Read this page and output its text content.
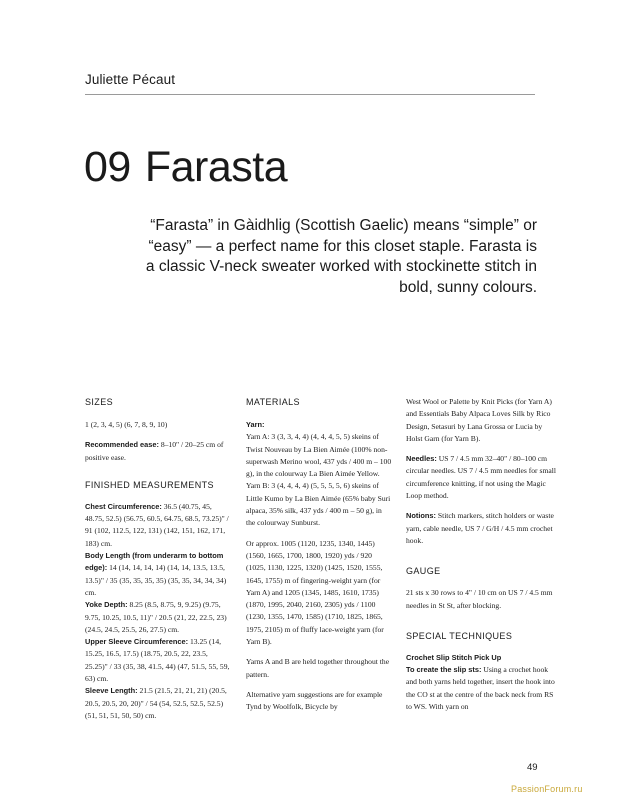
Juliette Pécaut
09 Farasta

“Farasta” in Gàidhlig (Scottish Gaelic) means “simple” or “easy” — a perfect name for this closet staple. Farasta is a classic V-neck sweater worked with stockinette stitch in bold, sunny colours.

SIZES

1 (2, 3, 4, 5) (6, 7, 8, 9, 10)

Recommended ease: 8–10" / 20–25 cm of positive ease.

FINISHED MEASUREMENTS

Chest Circumference: 36.5 (40.75, 45, 48.75, 52.5) (56.75, 60.5, 64.75, 68.5, 73.25)" / 91 (102, 112.5, 122, 131) (142, 151, 162, 171, 183) cm.

Body Length (from underarm to bottom edge): 14 (14, 14, 14, 14) (14, 14, 13.5, 13.5, 13.5)" / 35 (35, 35, 35, 35) (35, 35, 34, 34, 34) cm.

Yoke Depth: 8.25 (8.5, 8.75, 9, 9.25) (9.75, 9.75, 10.25, 10.5, 11)" / 20.5 (21, 22, 22.5, 23) (24.5, 24.5, 25.5, 26, 27.5) cm.

Upper Sleeve Circumference: 13.25 (14, 15.25, 16.5, 17.5) (18.75, 20.5, 22, 23.5, 25.25)" / 33 (35, 38, 41.5, 44) (47, 51.5, 55, 59, 63) cm.

Sleeve Length: 21.5 (21.5, 21, 21, 21) (20.5, 20.5, 20.5, 20, 20)" / 54 (54, 52.5, 52.5, 52.5) (51, 51, 51, 50, 50) cm.

MATERIALS

Yarn:

Yarn A: 3 (3, 3, 4, 4) (4, 4, 4, 5, 5) skeins of Twist Nouveau by La Bien Aimée (100% non-superwash Merino wool, 437 yds / 400 m – 100 g), in the colourway La Bien Aimée Yellow.

Yarn B: 3 (4, 4, 4, 4) (5, 5, 5, 5, 6) skeins of Little Kumo by La Bien Aimée (65% baby Suri alpaca, 35% silk, 437 yds / 400 m – 50 g), in the colourway Sunburst.

Or approx. 1005 (1120, 1235, 1340, 1445) (1560, 1665, 1700, 1800, 1920) yds / 920 (1025, 1130, 1225, 1320) (1425, 1520, 1555, 1645, 1755) m of fingering-weight yarn (for Yarn A) and 1205 (1345, 1485, 1610, 1735) (1870, 1995, 2040, 2160, 2305) yds / 1100 (1230, 1355, 1470, 1585) (1710, 1825, 1865, 1975, 2105) m of fluffy lace-weight yarn (for Yarn B).

Yarns A and B are held together throughout the pattern.

Alternative yarn suggestions are for example Tynd by Woolfolk, Bicycle by

West Wool or Palette by Knit Picks (for Yarn A) and Essentials Baby Alpaca Loves Silk by Rico Design, Setasuri by Lana Grossa or Lucia by Holst Garn (for Yarn B).

Needles: US 7 / 4.5 mm 32–40" / 80–100 cm circular needles. US 7 / 4.5 mm needles for small circumference knitting, if not using the Magic Loop method.

Notions: Stitch markers, stitch holders or waste yarn, cable needle, US 7 / G/H / 4.5 mm crochet hook.

GAUGE

21 sts x 30 rows to 4" / 10 cm on US 7 / 4.5 mm needles in St St, after blocking.

SPECIAL TECHNIQUES

Crochet Slip Stitch Pick Up

To create the slip sts: Using a crochet hook and both yarns held together, insert the hook into the CO st at the centre of the back neck from RS to WS. With yarn on

49
PassionForum.ru
